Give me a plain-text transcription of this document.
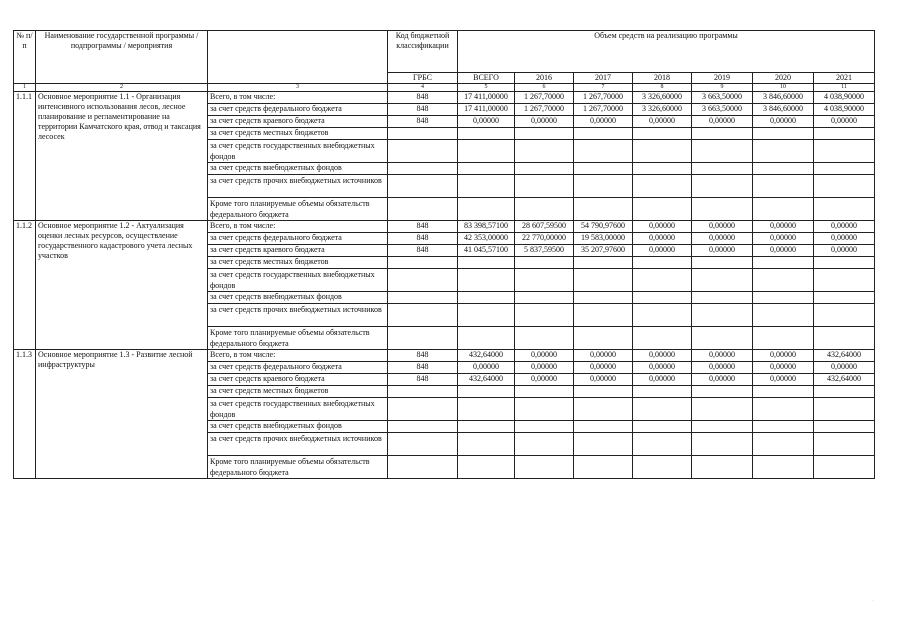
№ п/п	Наименование государственной программы / подпрограммы / мероприятия		Код бюджетной классификации	Объем средств на реализацию программы						
			ГРБС	ВСЕГО	2016	2017	2018	2019	2020	2021
1	2	3	4	5	6	7	8	9	10	11
1.1.1	Основное мероприятие 1.1 - Организация интенсивного использования лесов, лесное планирование и регламентирование на территории Камчатского края, отвод и таксация лесосек	Всего, в том числе:	848	17 411,00000	1 267,70000	1 267,70000	3 326,60000	3 663,50000	3 846,60000	4 038,90000
		за счет средств федерального бюджета	848	17 411,00000	1 267,70000	1 267,70000	3 326,60000	3 663,50000	3 846,60000	4 038,90000
		за счет средств краевого бюджета	848	0,00000	0,00000	0,00000	0,00000	0,00000	0,00000	0,00000
		за счет средств местных бюджетов								
		за счет средств государственных внебюджетных фондов								
		за счет средств внебюджетных фондов								
		за счет средств прочих внебюджетных источников								
		Кроме того планируемые объемы обязательств федерального бюджета								
1.1.2	Основное мероприятие 1.2 - Актуализация оценки лесных ресурсов, осуществление государственного кадастрового учета лесных участков	Всего, в том числе:	848	83 398,57100	28 607,59500	54 790,97600	0,00000	0,00000	0,00000	0,00000
		за счет средств федерального бюджета	848	42 353,00000	22 770,00000	19 583,00000	0,00000	0,00000	0,00000	0,00000
		за счет средств краевого бюджета	848	41 045,57100	5 837,59500	35 207,97600	0,00000	0,00000	0,00000	0,00000
		за счет средств местных бюджетов								
		за счет средств государственных внебюджетных фондов								
		за счет средств внебюджетных фондов								
		за счет средств прочих внебюджетных источников								
		Кроме того планируемые объемы обязательств федерального бюджета								
1.1.3	Основное мероприятие 1.3 - Развитие лесной инфраструктуры	Всего, в том числе:	848	432,64000	0,00000	0,00000	0,00000	0,00000	0,00000	432,64000
		за счет средств федерального бюджета	848	0,00000	0,00000	0,00000	0,00000	0,00000	0,00000	0,00000
		за счет средств краевого бюджета	848	432,64000	0,00000	0,00000	0,00000	0,00000	0,00000	432,64000
		за счет средств местных бюджетов								
		за счет средств государственных внебюджетных фондов								
		за счет средств внебюджетных фондов								
		за счет средств прочих внебюджетных источников								
		Кроме того планируемые объемы обязательств федерального бюджета								
·
